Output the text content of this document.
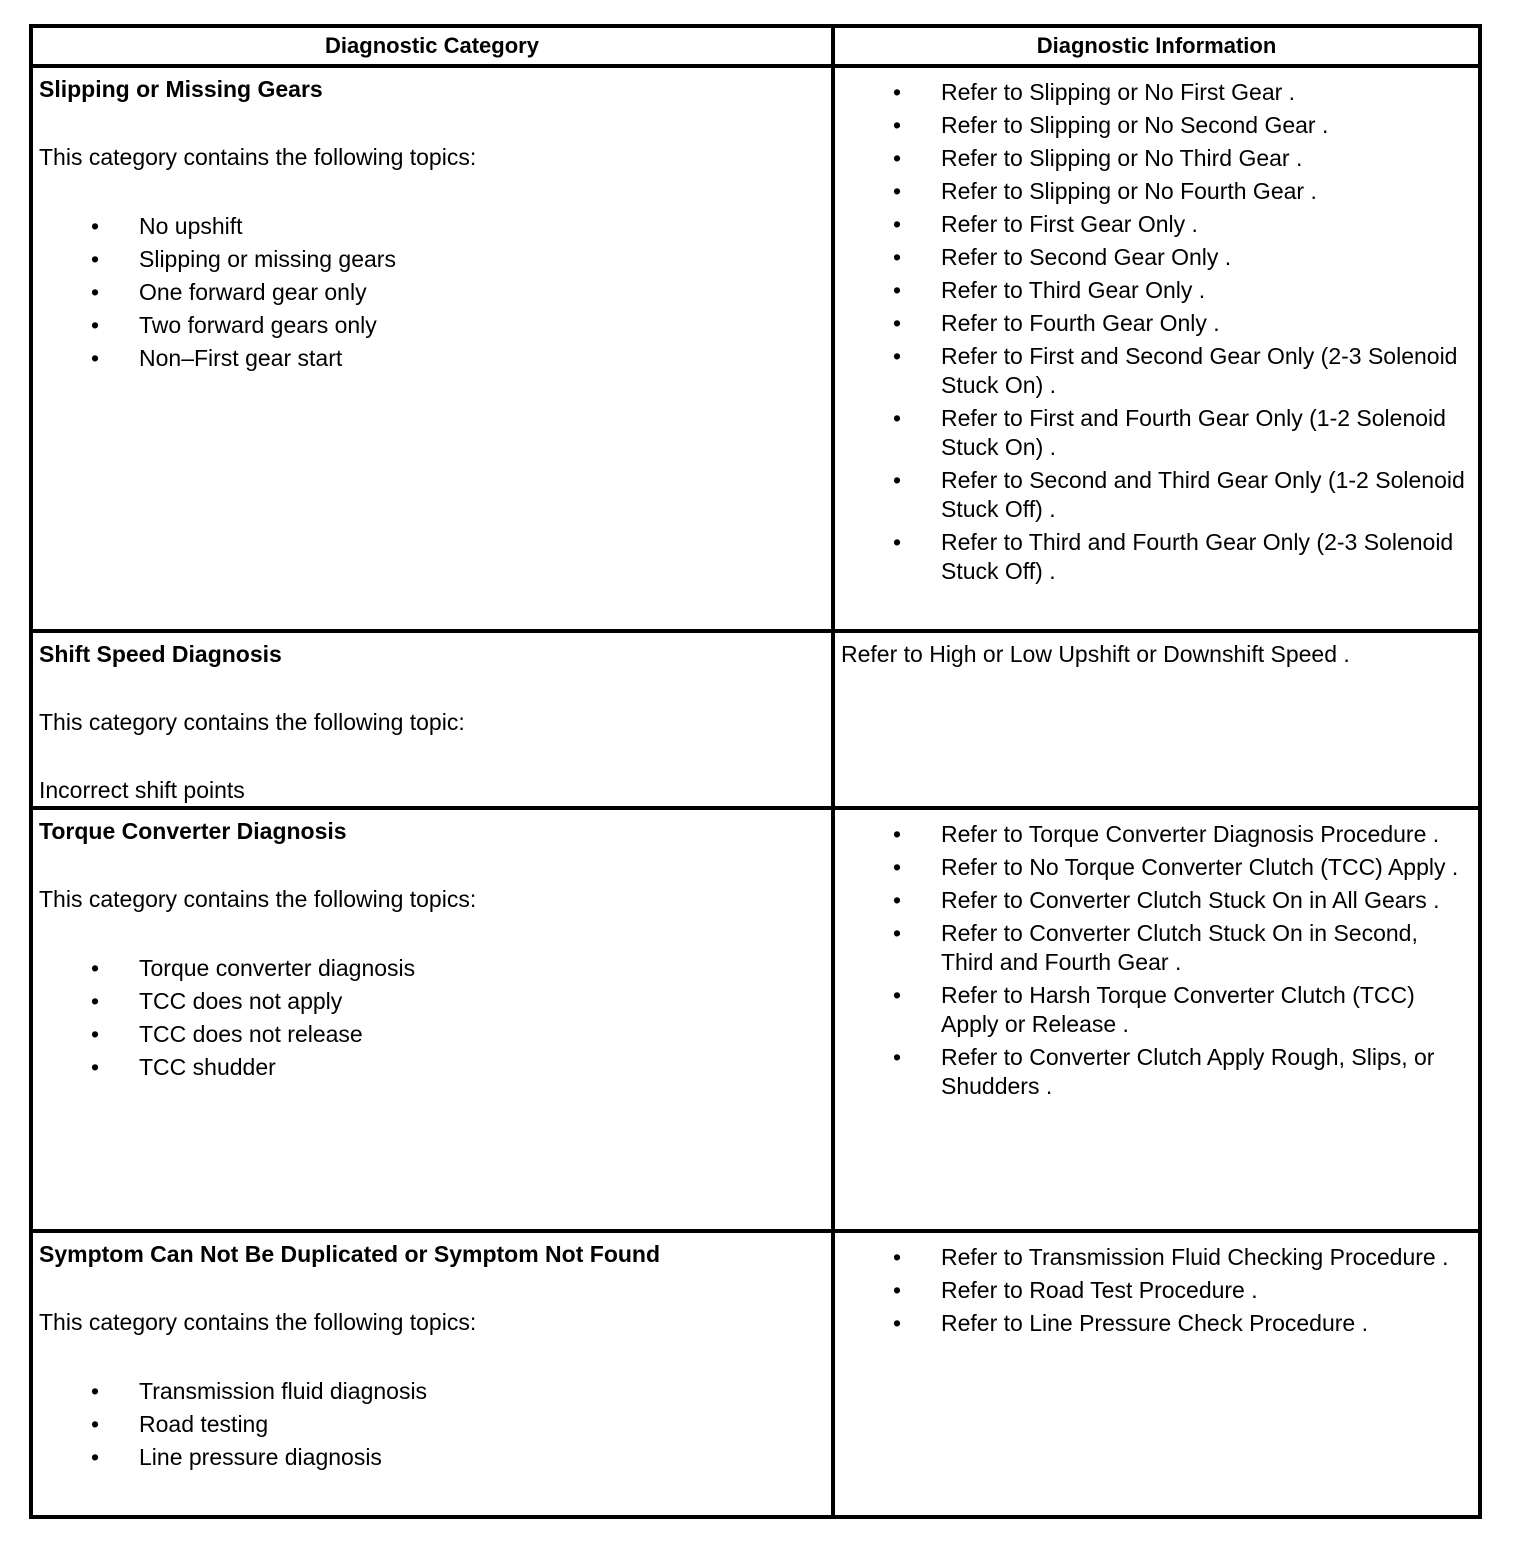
Diagnostic Category	Diagnostic Information

Slipping or Missing Gears

This category contains the following topics:

• No upshift
• Slipping or missing gears
• One forward gear only
• Two forward gears only
• Non–First gear start
• Refer to Slipping or No First Gear .
• Refer to Slipping or No Second Gear .
• Refer to Slipping or No Third Gear .
• Refer to Slipping or No Fourth Gear .
• Refer to First Gear Only .
• Refer to Second Gear Only .
• Refer to Third Gear Only .
• Refer to Fourth Gear Only .
• Refer to First and Second Gear Only (2-3 Solenoid Stuck On) .
• Refer to First and Fourth Gear Only (1-2 Solenoid Stuck On) .
• Refer to Second and Third Gear Only (1-2 Solenoid Stuck Off) .
• Refer to Third and Fourth Gear Only (2-3 Solenoid Stuck Off) .

Shift Speed Diagnosis

This category contains the following topic:

Incorrect shift points

Refer to High or Low Upshift or Downshift Speed .

Torque Converter Diagnosis

This category contains the following topics:

• Torque converter diagnosis
• TCC does not apply
• TCC does not release
• TCC shudder
• Refer to Torque Converter Diagnosis Procedure .
• Refer to No Torque Converter Clutch (TCC) Apply .
• Refer to Converter Clutch Stuck On in All Gears .
• Refer to Converter Clutch Stuck On in Second, Third and Fourth Gear .
• Refer to Harsh Torque Converter Clutch (TCC) Apply or Release .
• Refer to Converter Clutch Apply Rough, Slips, or Shudders .

Symptom Can Not Be Duplicated or Symptom Not Found

This category contains the following topics:

• Transmission fluid diagnosis
• Road testing
• Line pressure diagnosis
• Refer to Transmission Fluid Checking Procedure .
• Refer to Road Test Procedure .
• Refer to Line Pressure Check Procedure .
